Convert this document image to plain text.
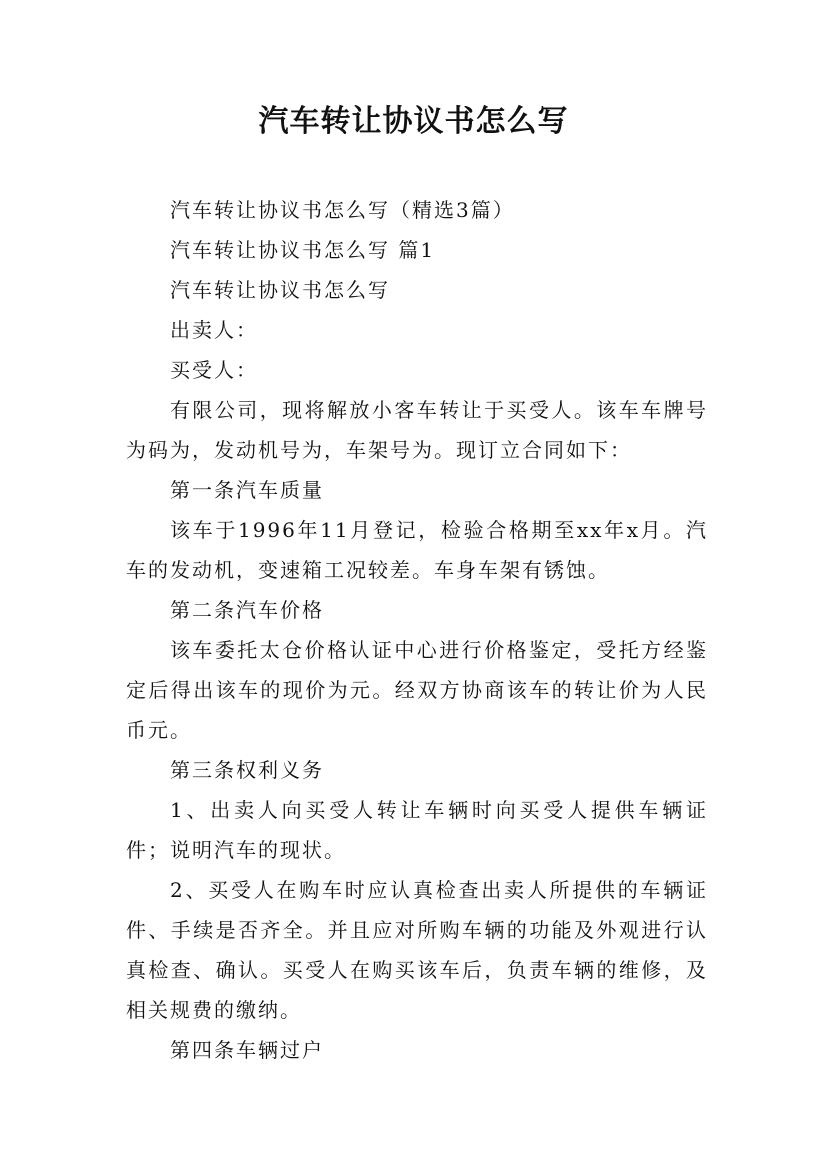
汽车转让协议书怎么写

汽车转让协议书怎么写（精选3篇）

汽车转让协议书怎么写 篇1

汽车转让协议书怎么写

出卖人：

买受人：

有限公司，现将解放小客车转让于买受人。该车车牌号为码为，发动机号为，车架号为。现订立合同如下：

第一条汽车质量

该车于1996年11月登记，检验合格期至xx年x月。汽车的发动机，变速箱工况较差。车身车架有锈蚀。

第二条汽车价格

该车委托太仓价格认证中心进行价格鉴定，受托方经鉴定后得出该车的现价为元。经双方协商该车的转让价为人民币元。

第三条权利义务

1、出卖人向买受人转让车辆时向买受人提供车辆证件；说明汽车的现状。

2、买受人在购车时应认真检查出卖人所提供的车辆证件、手续是否齐全。并且应对所购车辆的功能及外观进行认真检查、确认。买受人在购买该车后，负责车辆的维修，及相关规费的缴纳。

第四条车辆过户
